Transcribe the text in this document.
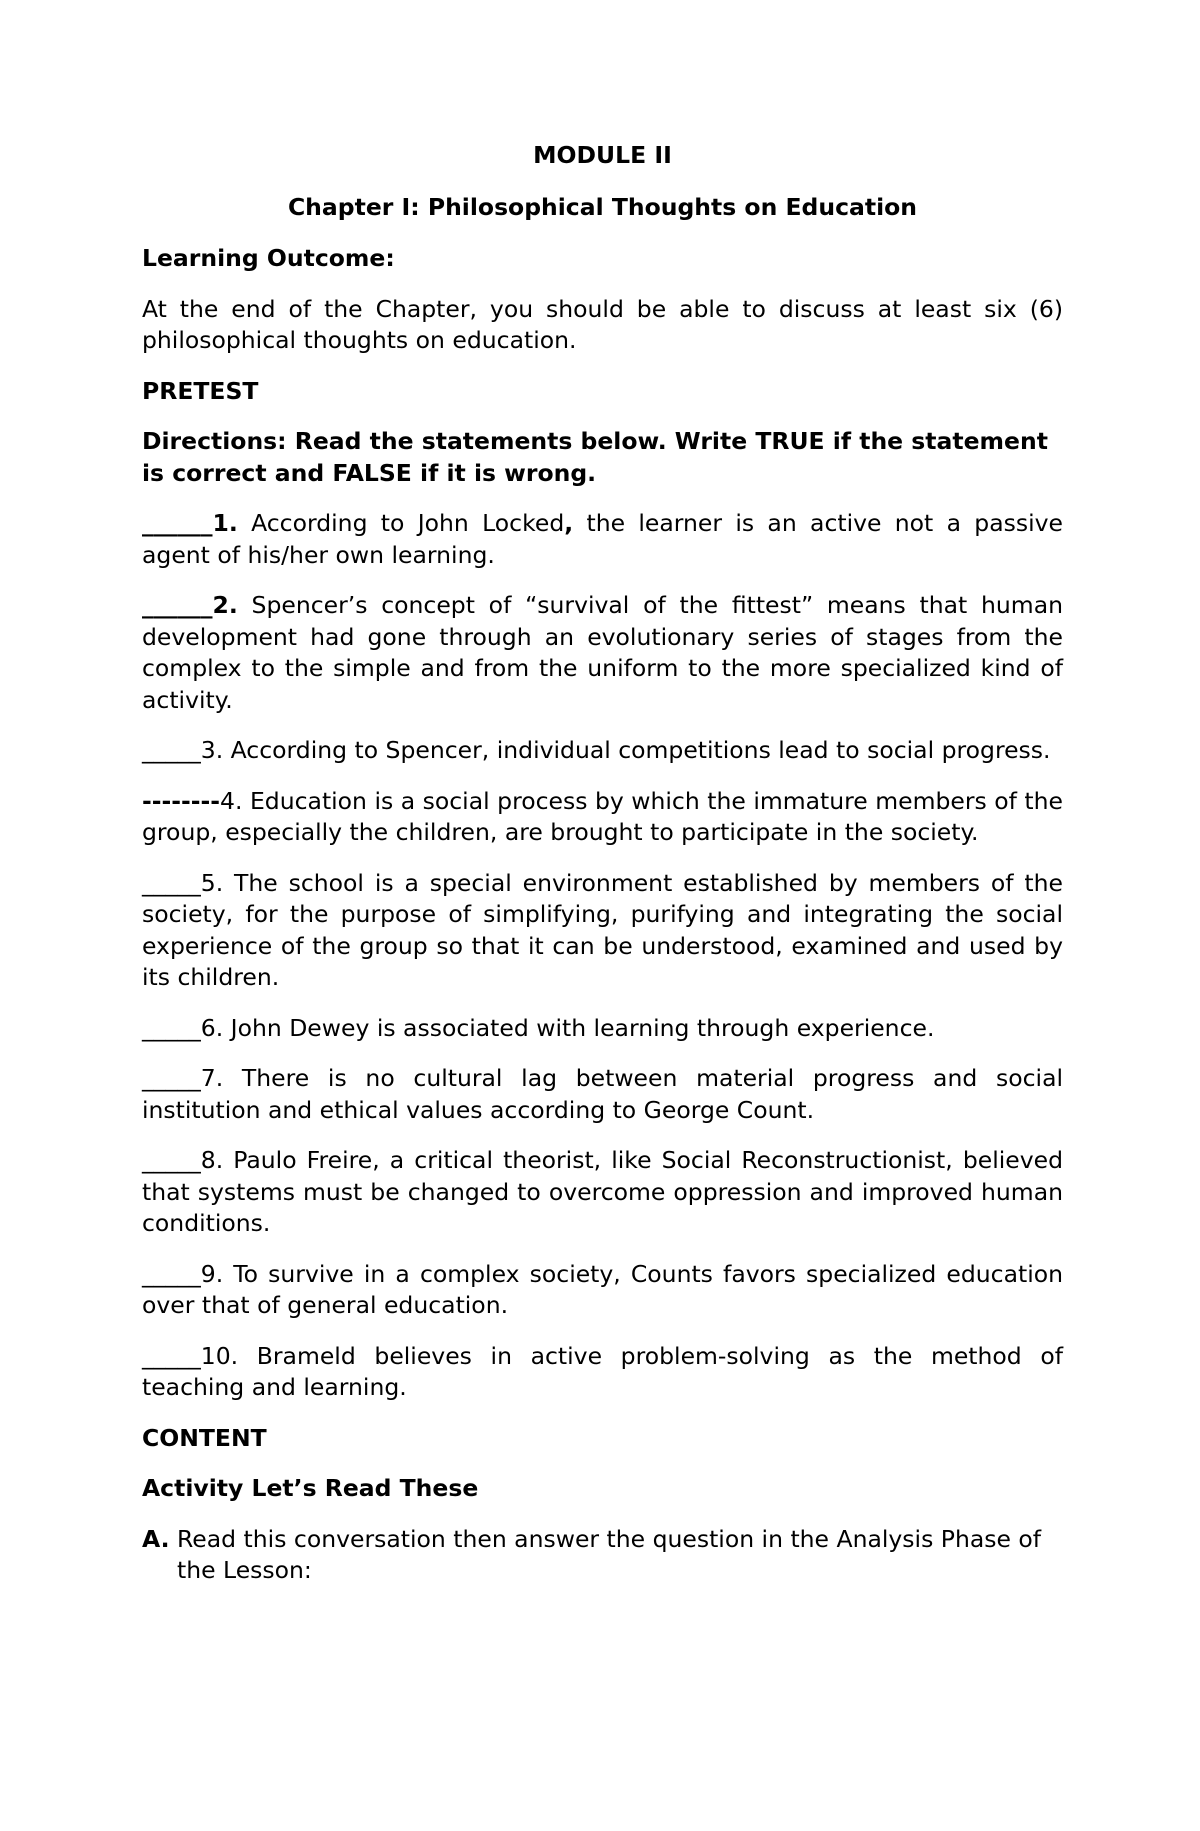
MODULE II

Chapter I: Philosophical Thoughts on Education

Learning Outcome:

At the end of the Chapter, you should be able to discuss at least six (6) philosophical thoughts on education.

PRETEST

Directions: Read the statements below. Write TRUE if the statement is correct and FALSE if it is wrong.

______1. According to John Locked, the learner is an active not a passive agent of his/her own learning.

______2. Spencer’s concept of “survival of the fittest” means that human development had gone through an evolutionary series of stages from the complex to the simple and from the uniform to the more specialized kind of activity.

_____3. According to Spencer, individual competitions lead to social progress.

--------4. Education is a social process by which the immature members of the group, especially the children, are brought to participate in the society.

_____5. The school is a special environment established by members of the society, for the purpose of simplifying, purifying and integrating the social experience of the group so that it can be understood, examined and used by its children.

_____6. John Dewey is associated with learning through experience.

_____7. There is no cultural lag between material progress and social institution and ethical values according to George Count.

_____8. Paulo Freire, a critical theorist, like Social Reconstructionist, believed that systems must be changed to overcome oppression and improved human conditions.

_____9. To survive in a complex society, Counts favors specialized education over that of general education.

_____10. Brameld believes in active problem-solving as the method of teaching and learning.

CONTENT

Activity Let’s Read These

A. Read this conversation then answer the question in the Analysis Phase of the Lesson:
